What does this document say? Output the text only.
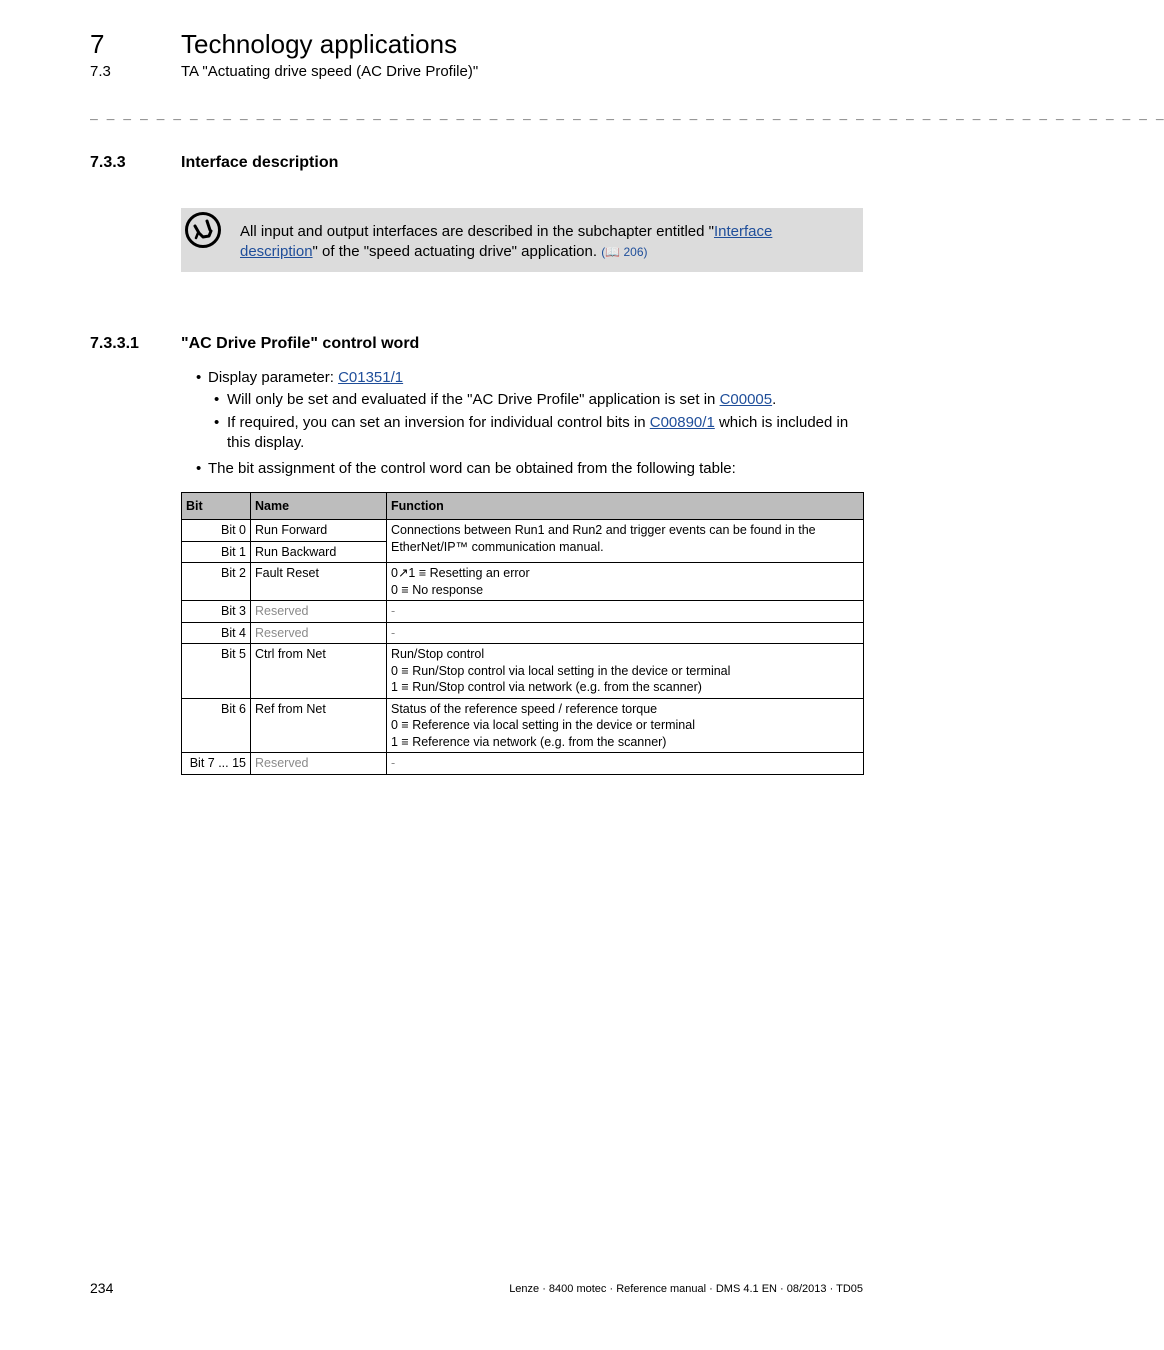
7	Technology applications
7.3	TA "Actuating drive speed (AC Drive Profile)"
_ _ _ _ _ _ _ _ _ _ _ _ _ _ _ _ _ _ _ _ _ _ _ _ _ _ _ _ _ _ _ _ _ _ _ _ _ _ _ _ _ _ _ _ _ _ _ _ _ _ _ _ _ _ _ _ _ _ _ _ _ _ _ _ _
7.3.3	Interface description
All input and output interfaces are described in the subchapter entitled "Interface description" of the "speed actuating drive" application. (📖 206)
7.3.3.1	"AC Drive Profile" control word
• Display parameter: C01351/1
• Will only be set and evaluated if the "AC Drive Profile" application is set in C00005.
• If required, you can set an inversion for individual control bits in C00890/1 which is included in this display.
• The bit assignment of the control word can be obtained from the following table:
Bit	Name	Function
Bit 0	Run Forward	Connections between Run1 and Run2 and trigger events can be found in the EtherNet/IP™ communication manual.
Bit 1	Run Backward	
Bit 2	Fault Reset	0↗1 ≡ Resetting an error
0 ≡ No response

Bit 3	Reserved	-
Bit 4	Reserved	-
Bit 5	Ctrl from Net	Run/Stop control
0 ≡ Run/Stop control via local setting in the device or terminal
1 ≡ Run/Stop control via network (e.g. from the scanner)

Bit 6	Ref from Net	Status of the reference speed / reference torque
0 ≡ Reference via local setting in the device or terminal
1 ≡ Reference via network (e.g. from the scanner)

Bit 7 ... 15	Reserved	-
234	Lenze · 8400 motec · Reference manual · DMS 4.1 EN · 08/2013 · TD05
